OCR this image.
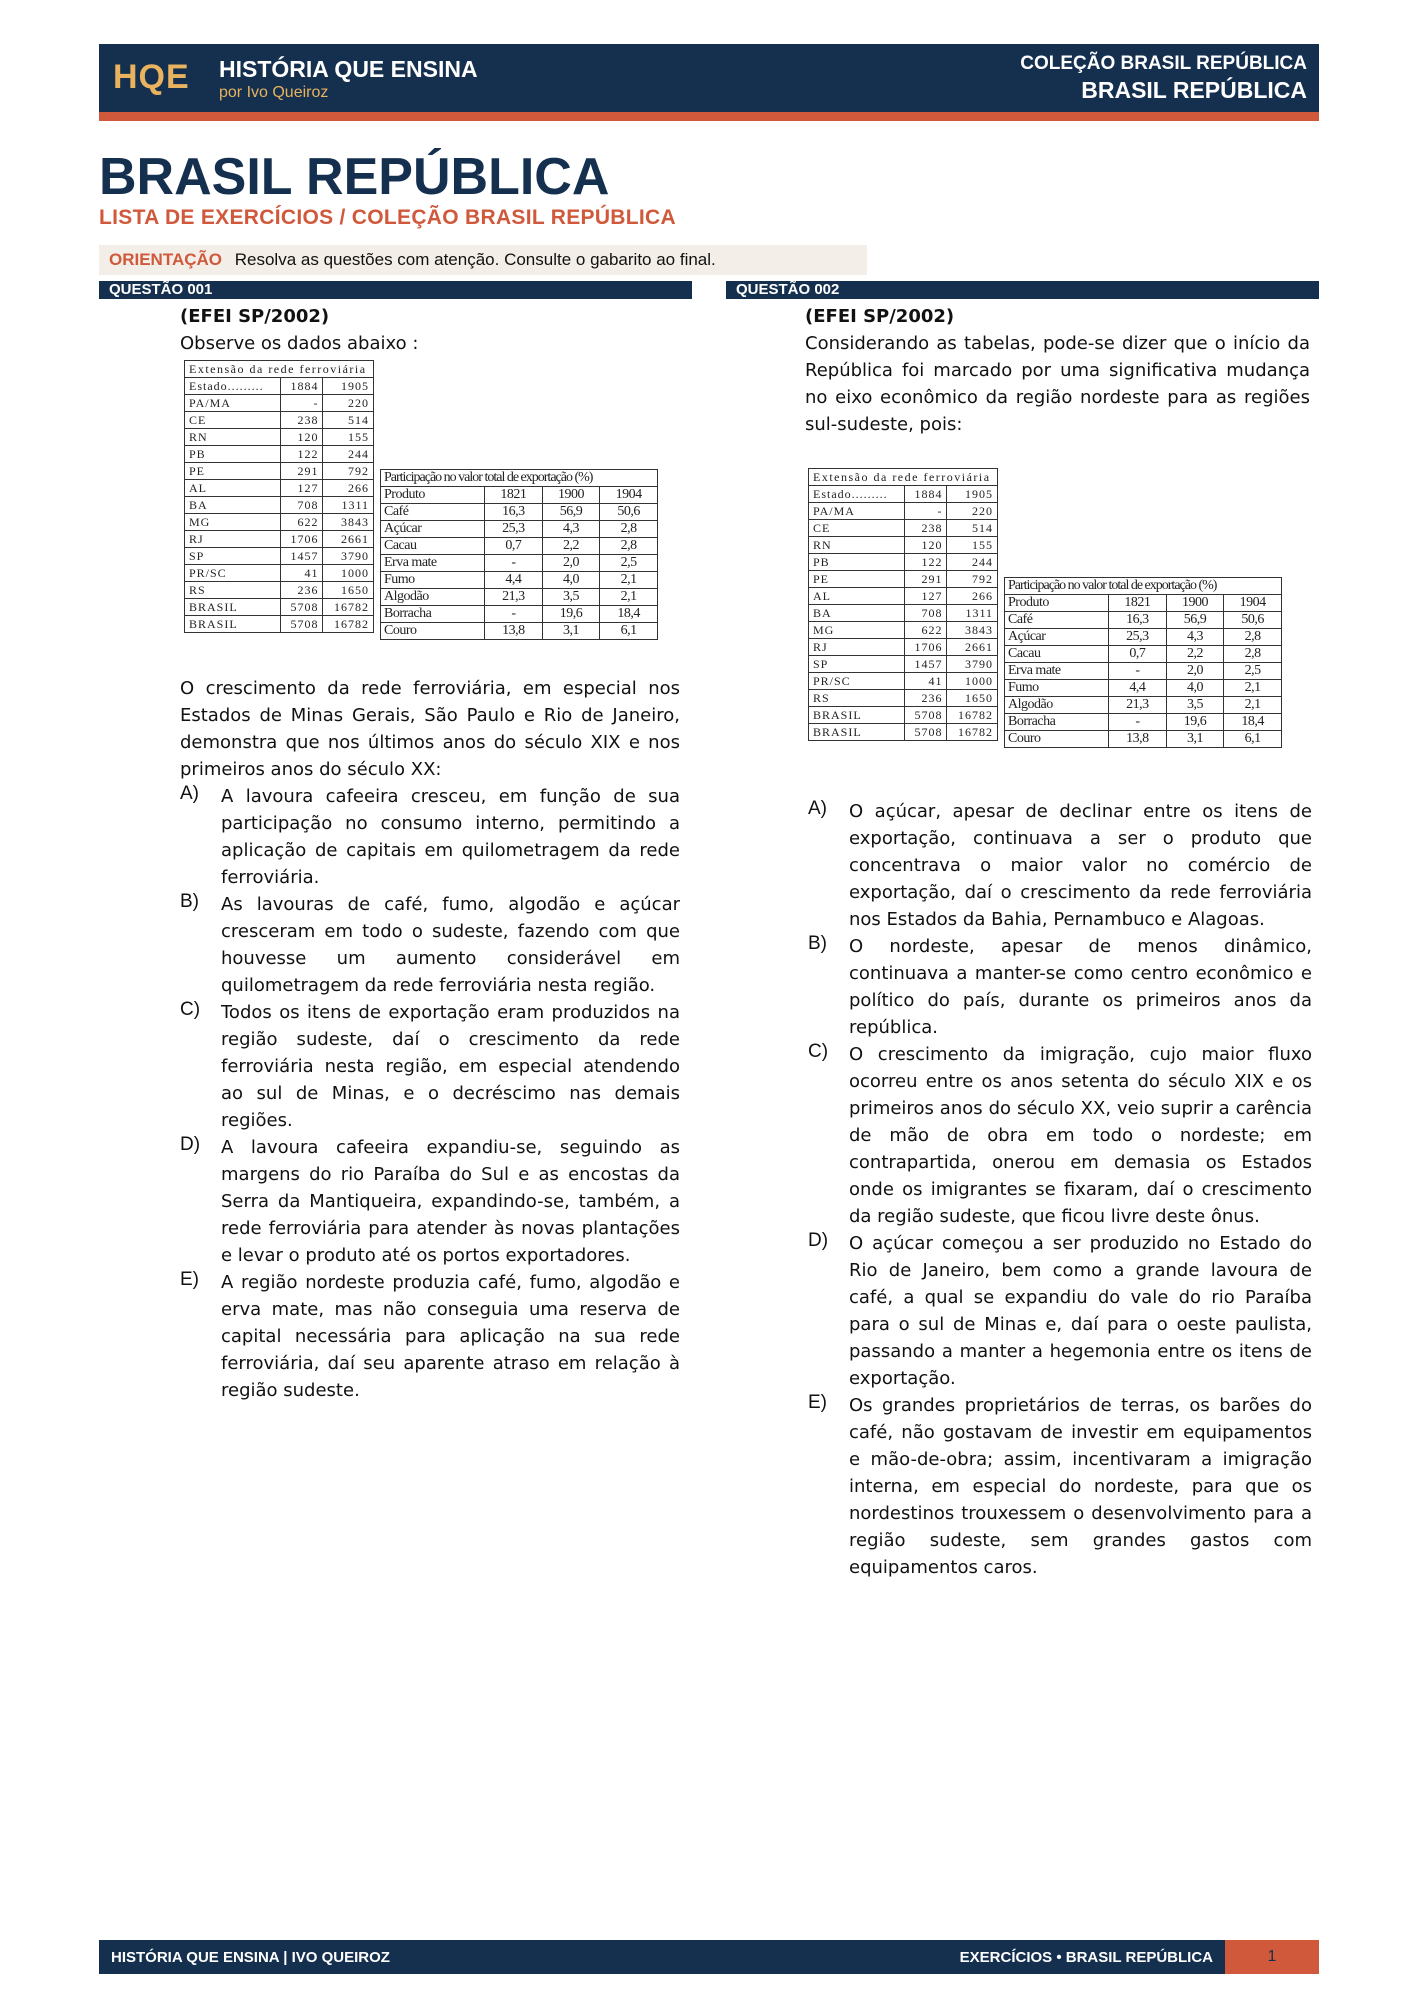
HQE HISTÓRIA QUE ENSINA
por Ivo Queiroz
COLEÇÃO BRASIL REPÚBLICA
BRASIL REPÚBLICA
BRASIL REPÚBLICA
LISTA DE EXERCÍCIOS / COLEÇÃO BRASIL REPÚBLICA
ORIENTAÇÃO Resolva as questões com atenção. Consulte o gabarito ao final.
QUESTÃO 001	QUESTÃO 002
(EFEI SP/2002)
Observe os dados abaixo :
Extensão da rede ferroviária		
Estado.........	1884	1905
PA/MA	-	220
CE	238	514
RN	120	155
PB	122	244
PE	291	792
AL	127	266
BA	708	1311
MG	622	3843
RJ	1706	2661
SP	1457	3790
PR/SC	41	1000
RS	236	1650
BRASIL	5708	16782
BRASIL	5708	16782
Participação no valor total de exportação (%)			
Produto	1821	1900	1904
Café	16,3	56,9	50,6
Açúcar	25,3	4,3	2,8
Cacau	0,7	2,2	2,8
Erva mate	-	2,0	2,5
Fumo	4,4	4,0	2,1
Algodão	21,3	3,5	2,1
Borracha	-	19,6	18,4
Couro	13,8	3,1	6,1
O crescimento da rede ferroviária, em especial nos Estados de Minas Gerais, São Paulo e Rio de Janeiro, demonstra que nos últimos anos do século XIX e nos primeiros anos do século XX:
A) A lavoura cafeeira cresceu, em função de sua participação no consumo interno, permitindo a aplicação de capitais em quilometragem da rede ferroviária.
B) As lavouras de café, fumo, algodão e açúcar cresceram em todo o sudeste, fazendo com que houvesse um aumento considerável em quilometragem da rede ferroviária nesta região.
C) Todos os itens de exportação eram produzidos na região sudeste, daí o crescimento da rede ferroviária nesta região, em especial atendendo ao sul de Minas, e o decréscimo nas demais regiões.
D) A lavoura cafeeira expandiu-se, seguindo as margens do rio Paraíba do Sul e as encostas da Serra da Mantiqueira, expandindo-se, também, a rede ferroviária para atender às novas plantações e levar o produto até os portos exportadores.
E) A região nordeste produzia café, fumo, algodão e erva mate, mas não conseguia uma reserva de capital necessária para aplicação na sua rede ferroviária, daí seu aparente atraso em relação à região sudeste.
(EFEI SP/2002)
Considerando as tabelas, pode-se dizer que o início da República foi marcado por uma significativa mudança no eixo econômico da região nordeste para as regiões sul-sudeste, pois:
Extensão da rede ferroviária		
Estado.........	1884	1905
PA/MA	-	220
CE	238	514
RN	120	155
PB	122	244
PE	291	792
AL	127	266
BA	708	1311
MG	622	3843
RJ	1706	2661
SP	1457	3790
PR/SC	41	1000
RS	236	1650
BRASIL	5708	16782
BRASIL	5708	16782
Participação no valor total de exportação (%)			
Produto	1821	1900	1904
Café	16,3	56,9	50,6
Açúcar	25,3	4,3	2,8
Cacau	0,7	2,2	2,8
Erva mate	-	2,0	2,5
Fumo	4,4	4,0	2,1
Algodão	21,3	3,5	2,1
Borracha	-	19,6	18,4
Couro	13,8	3,1	6,1
A) O açúcar, apesar de declinar entre os itens de exportação, continuava a ser o produto que concentrava o maior valor no comércio de exportação, daí o crescimento da rede ferroviária nos Estados da Bahia, Pernambuco e Alagoas.
B) O nordeste, apesar de menos dinâmico, continuava a manter-se como centro econômico e político do país, durante os primeiros anos da república.
C) O crescimento da imigração, cujo maior fluxo ocorreu entre os anos setenta do século XIX e os primeiros anos do século XX, veio suprir a carência de mão de obra em todo o nordeste; em contrapartida, onerou em demasia os Estados onde os imigrantes se fixaram, daí o crescimento da região sudeste, que ficou livre deste ônus.
D) O açúcar começou a ser produzido no Estado do Rio de Janeiro, bem como a grande lavoura de café, a qual se expandiu do vale do rio Paraíba para o sul de Minas e, daí para o oeste paulista, passando a manter a hegemonia entre os itens de exportação.
E) Os grandes proprietários de terras, os barões do café, não gostavam de investir em equipamentos e mão-de-obra; assim, incentivaram a imigração interna, em especial do nordeste, para que os nordestinos trouxessem o desenvolvimento para a região sudeste, sem grandes gastos com equipamentos caros.
HISTÓRIA QUE ENSINA | IVO QUEIROZ	EXERCÍCIOS • BRASIL REPÚBLICA	1
